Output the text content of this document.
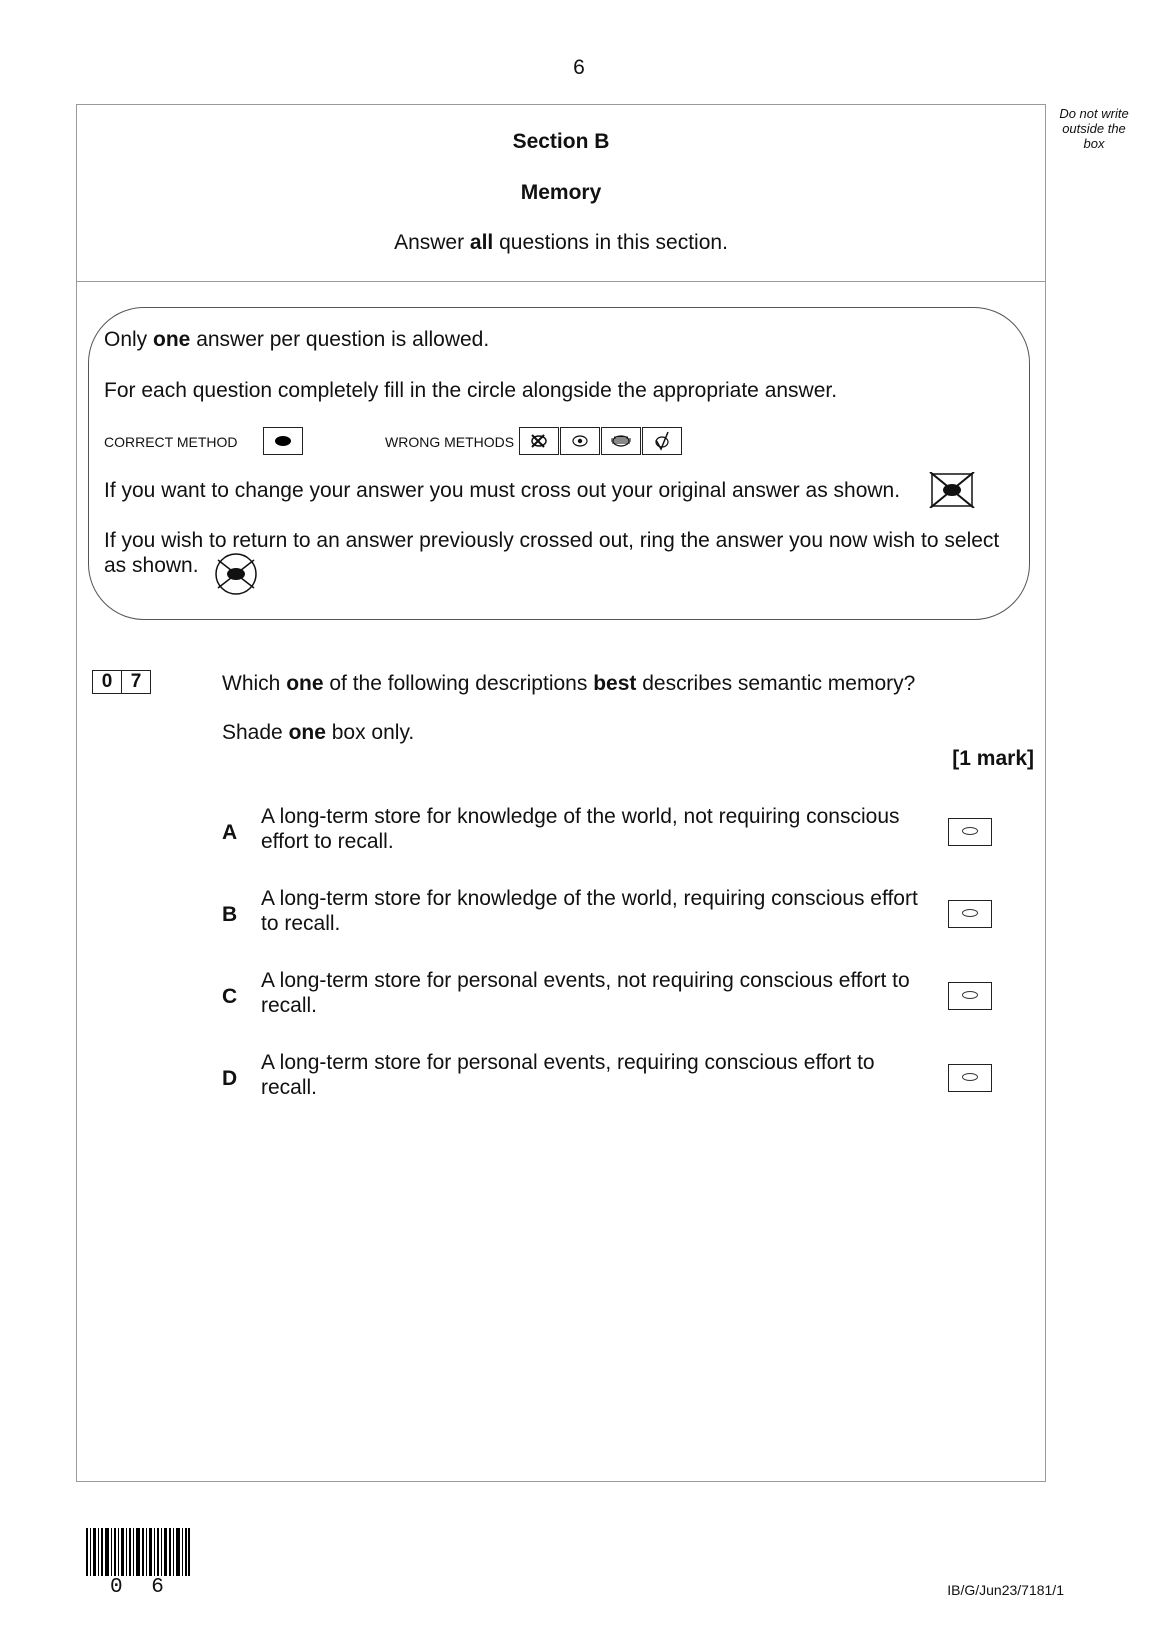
6
Do not write
outside the
box
Section B
Memory
Answer all questions in this section.
Only one answer per question is allowed.
For each question completely fill in the circle alongside the appropriate answer.
CORRECT METHOD	WRONG METHODS
If you want to change your answer you must cross out your original answer as shown.
If you wish to return to an answer previously crossed out, ring the answer you now wish to select
as shown.
0 7	Which one of the following descriptions best describes semantic memory?
Shade one box only.
[1 mark]
A
A long-term store for knowledge of the world, not requiring conscious
effort to recall.
B
A long-term store for knowledge of the world, requiring conscious effort
to recall.
C
A long-term store for personal events, not requiring conscious effort to
recall.
D
A long-term store for personal events, requiring conscious effort to
recall.
0 6	IB/G/Jun23/7181/1
